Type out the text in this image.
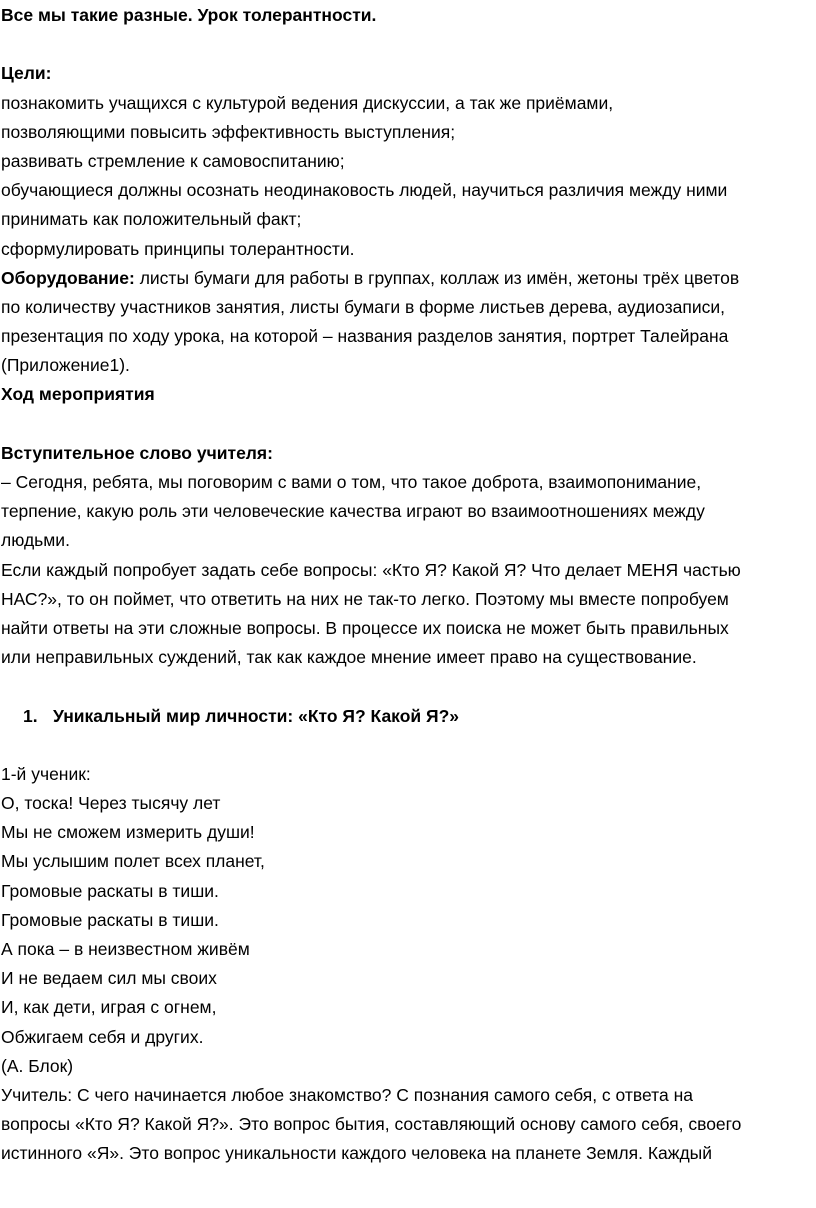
Все мы такие разные. Урок толерантности.
Цели:
познакомить учащихся с культурой ведения дискуссии, а так же приёмами,
позволяющими повысить эффективность выступления;
развивать стремление к самовоспитанию;
обучающиеся должны осознать неодинаковость людей, научиться различия между ними
принимать как положительный факт;
сформулировать принципы толерантности.
Оборудование: листы бумаги для работы в группах, коллаж из имён, жетоны трёх цветов
по количеству участников занятия, листы бумаги в форме листьев дерева, аудиозаписи,
презентация по ходу урока, на которой – названия разделов занятия, портрет Талейрана
(Приложение1).
Ход мероприятия
Вступительное слово учителя:
– Сегодня, ребята, мы поговорим с вами о том, что такое доброта, взаимопонимание,
терпение, какую роль эти человеческие качества играют во взаимоотношениях между
людьми.
Если каждый попробует задать себе вопросы: «Кто Я? Какой Я? Что делает МЕНЯ частью
НАС?», то он поймет, что ответить на них не так-то легко. Поэтому мы вместе попробуем
найти ответы на эти сложные вопросы. В процессе их поиска не может быть правильных
или неправильных суждений, так как каждое мнение имеет право на существование.
1. Уникальный мир личности: «Кто Я? Какой Я?»
1-й ученик:
О, тоска! Через тысячу лет
Мы не сможем измерить души!
Мы услышим полет всех планет,
Громовые раскаты в тиши.
Громовые раскаты в тиши.
А пока – в неизвестном живём
И не ведаем сил мы своих
И, как дети, играя с огнем,
Обжигаем себя и других.
(А. Блок)
Учитель: С чего начинается любое знакомство? С познания самого себя, с ответа на
вопросы «Кто Я? Какой Я?». Это вопрос бытия, составляющий основу самого себя, своего
истинного «Я». Это вопрос уникальности каждого человека на планете Земля. Каждый
